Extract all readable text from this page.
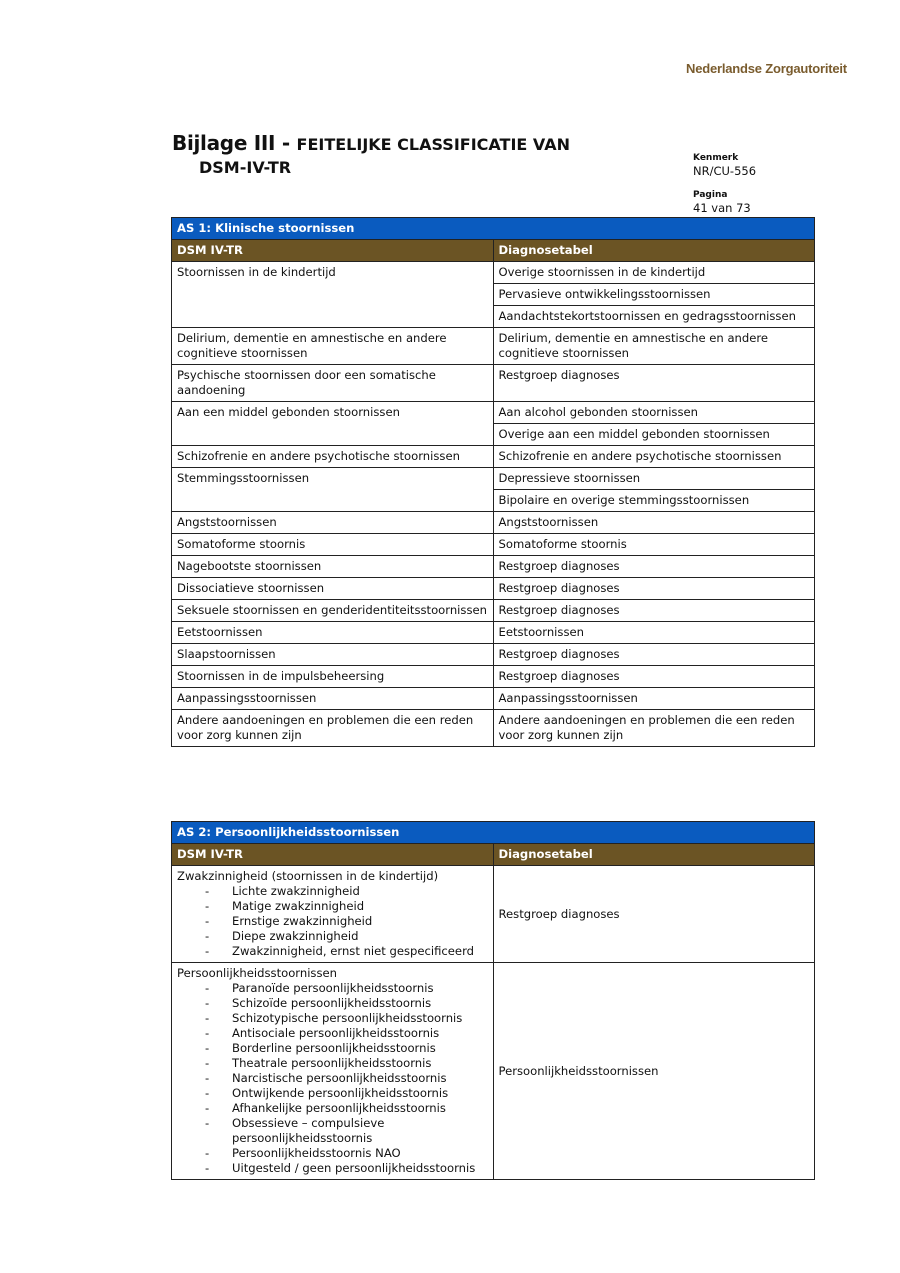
Nederlandse Zorgautoriteit
Bijlage III - FEITELIJKE CLASSIFICATIE VAN
DSM-IV-TR	Kenmerk
NR/CU-556
Pagina
41 van 73
AS 1: Klinische stoornissen	
DSM IV-TR	Diagnosetabel
Stoornissen in de kindertijd	Overige stoornissen in de kindertijd
	Pervasieve ontwikkelingsstoornissen
	Aandachtstekortstoornissen en gedragsstoornissen
Delirium, dementie en amnestische en andere cognitieve stoornissen	Delirium, dementie en amnestische en andere cognitieve stoornissen
Psychische stoornissen door een somatische aandoening	Restgroep diagnoses
Aan een middel gebonden stoornissen	Aan alcohol gebonden stoornissen
	Overige aan een middel gebonden stoornissen
Schizofrenie en andere psychotische stoornissen	Schizofrenie en andere psychotische stoornissen
Stemmingsstoornissen	Depressieve stoornissen
	Bipolaire en overige stemmingsstoornissen
Angststoornissen	Angststoornissen
Somatoforme stoornis	Somatoforme stoornis
Nagebootste stoornissen	Restgroep diagnoses
Dissociatieve stoornissen	Restgroep diagnoses
Seksuele stoornissen en genderidentiteitsstoornissen	Restgroep diagnoses
Eetstoornissen	Eetstoornissen
Slaapstoornissen	Restgroep diagnoses
Stoornissen in de impulsbeheersing	Restgroep diagnoses
Aanpassingsstoornissen	Aanpassingsstoornissen
Andere aandoeningen en problemen die een reden voor zorg kunnen zijn	Andere aandoeningen en problemen die een reden voor zorg kunnen zijn
AS 2: Persoonlijkheidsstoornissen	
DSM IV-TR	Diagnosetabel

Zwakzinnigheid (stoornissen in de kindertijd)
- Lichte zwakzinnigheid
- Matige zwakzinnigheid
- Ernstige zwakzinnigheid
- Diepe zwakzinnigheid
- Zwakzinnigheid, ernst niet gespecificeerd
	Restgroep diagnoses

Persoonlijkheidsstoornissen
- Paranoïde persoonlijkheidsstoornis
- Schizoïde persoonlijkheidsstoornis
- Schizotypische persoonlijkheidsstoornis
- Antisociale persoonlijkheidsstoornis
- Borderline persoonlijkheidsstoornis
- Theatrale persoonlijkheidsstoornis
- Narcistische persoonlijkheidsstoornis
- Ontwijkende persoonlijkheidsstoornis
- Afhankelijke persoonlijkheidsstoornis
- Obsessieve – compulsieve persoonlijkheidsstoornis
- Persoonlijkheidsstoornis NAO
- Uitgesteld / geen persoonlijkheidsstoornis
	Persoonlijkheidsstoornissen
